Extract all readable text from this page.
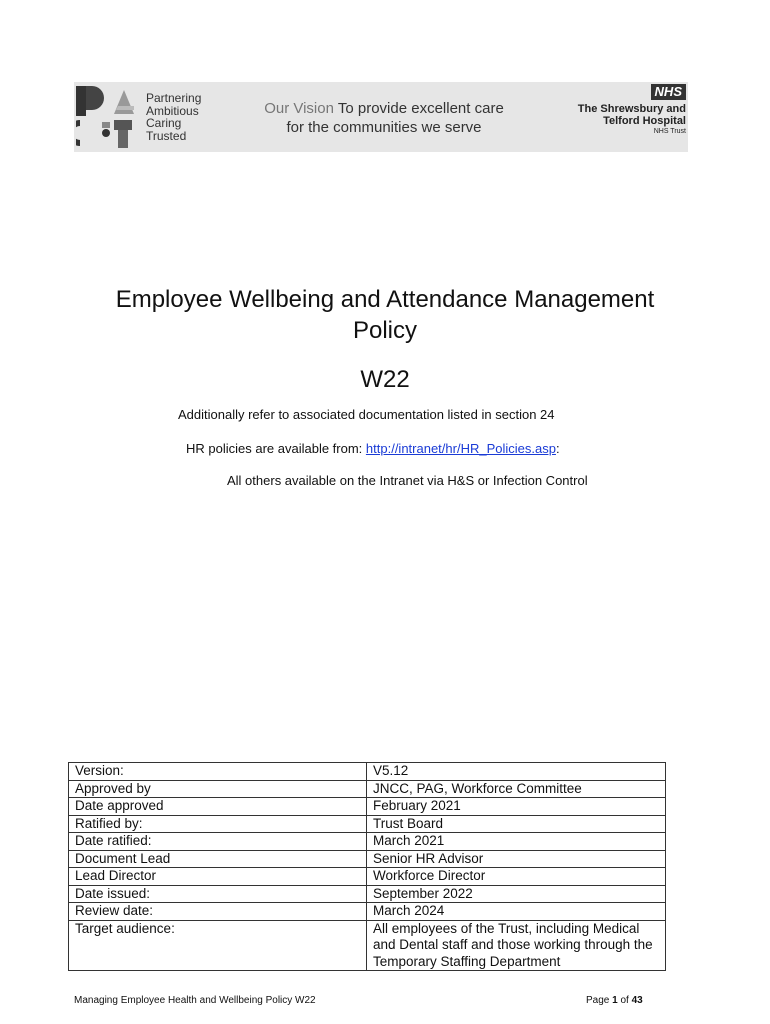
Partnering
Ambitious
Caring
Trusted
Our Vision To provide excellent care for the communities we serve
NHS
The Shrewsbury and
Telford Hospital
NHS Trust
Employee Wellbeing and Attendance Management
Policy
W22
Additionally refer to associated documentation listed in section 24
HR policies are available from: http://intranet/hr/HR_Policies.asp:
All others available on the Intranet via H&S or Infection Control
Version:	V5.12
Approved by	JNCC, PAG, Workforce Committee
Date approved	February 2021
Ratified by:	Trust Board
Date ratified:	March 2021
Document Lead	Senior HR Advisor
Lead Director	Workforce Director
Date issued:	September 2022
Review date:	March 2024
Target audience:	All employees of the Trust, including Medical and Dental staff and those working through the Temporary Staffing Department
Managing Employee Health and Wellbeing Policy W22	Page 1 of 43
